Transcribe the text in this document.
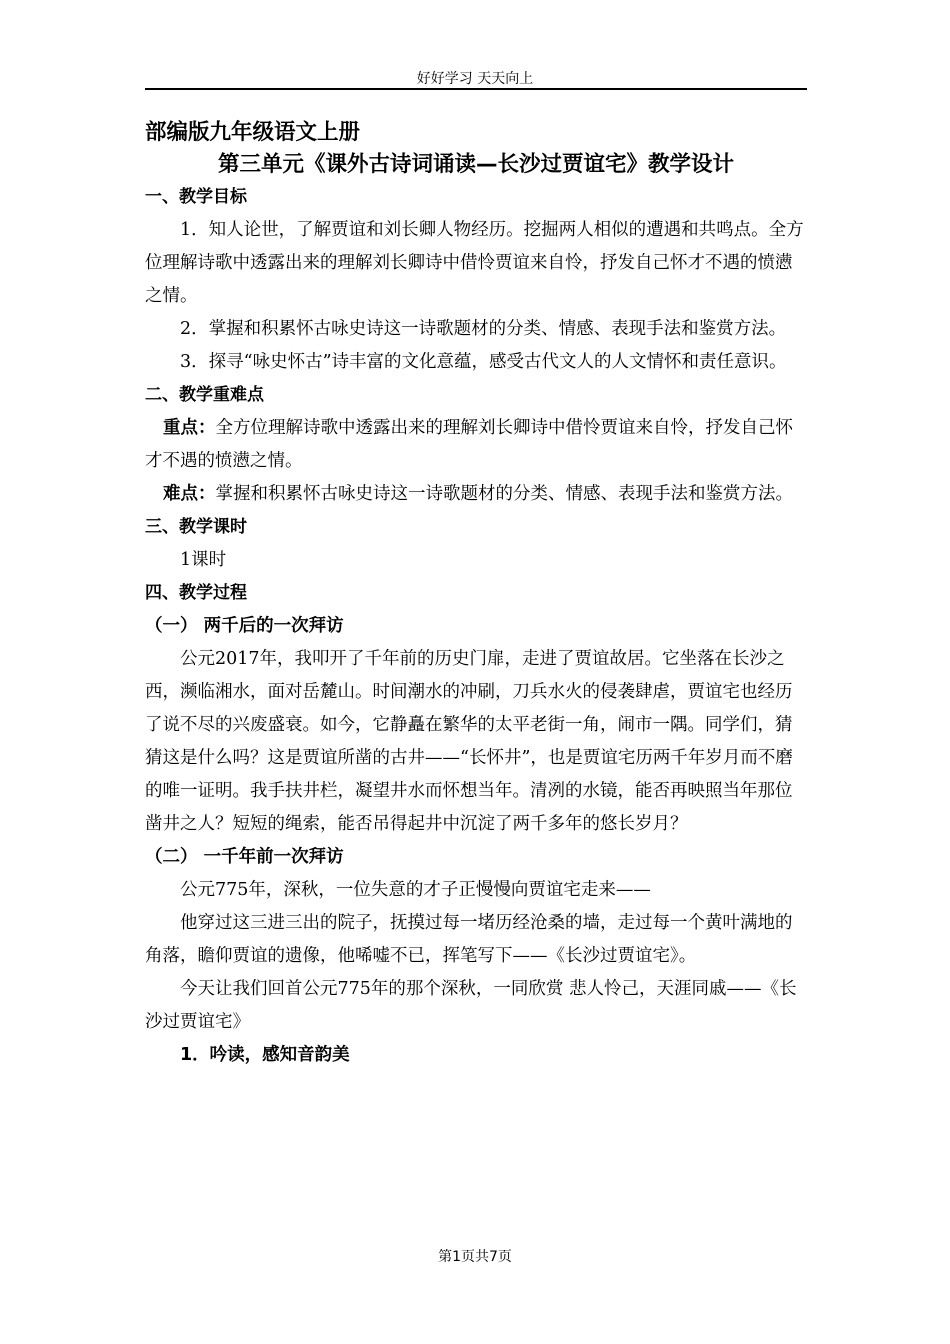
好好学习 天天向上

部编版九年级语文上册

第三单元《课外古诗词诵读—长沙过贾谊宅》教学设计

一、教学目标

1．知人论世，了解贾谊和刘长卿人物经历。挖掘两人相似的遭遇和共鸣点。全方位理解诗歌中透露出来的理解刘长卿诗中借怜贾谊来自怜，抒发自己怀才不遇的愤懑之情。

2．掌握和积累怀古咏史诗这一诗歌题材的分类、情感、表现手法和鉴赏方法。

3．探寻“咏史怀古”诗丰富的文化意蕴，感受古代文人的人文情怀和责任意识。

二、教学重难点

重点：全方位理解诗歌中透露出来的理解刘长卿诗中借怜贾谊来自怜，抒发自己怀才不遇的愤懑之情。

难点：掌握和积累怀古咏史诗这一诗歌题材的分类、情感、表现手法和鉴赏方法。

三、教学课时

1课时

四、教学过程

（一） 两千后的一次拜访

公元2017年，我叩开了千年前的历史门扉，走进了贾谊故居。它坐落在长沙之西，濒临湘水，面对岳麓山。时间潮水的冲刷，刀兵水火的侵袭肆虐，贾谊宅也经历了说不尽的兴废盛衰。如今，它静矗在繁华的太平老街一角，闹市一隅。同学们，猜猜这是什么吗？这是贾谊所凿的古井——“长怀井”，也是贾谊宅历两千年岁月而不磨的唯一证明。我手扶井栏，凝望井水而怀想当年。清冽的水镜，能否再映照当年那位凿井之人？短短的绳索，能否吊得起井中沉淀了两千多年的悠长岁月？

（二） 一千年前一次拜访

公元775年，深秋，一位失意的才子正慢慢向贾谊宅走来——

他穿过这三进三出的院子，抚摸过每一堵历经沧桑的墙，走过每一个黄叶满地的角落，瞻仰贾谊的遗像，他唏嘘不已，挥笔写下——《长沙过贾谊宅》。

今天让我们回首公元775年的那个深秋，一同欣赏 悲人怜己，天涯同戚——《长沙过贾谊宅》

1．吟读，感知音韵美

第1页共7页
